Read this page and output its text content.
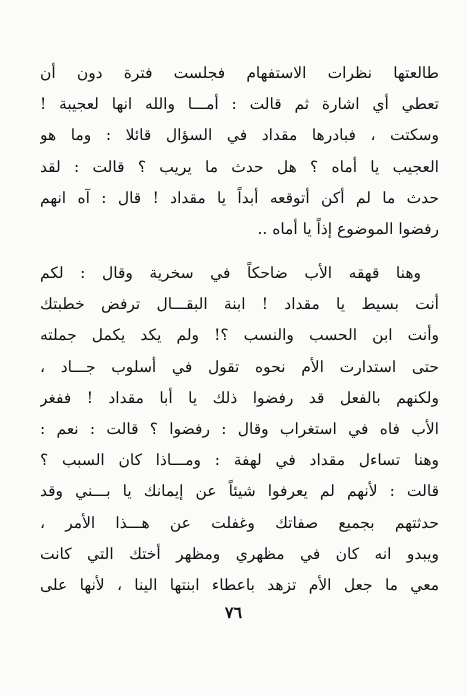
طالعتها نظرات الاستفهام فجلست فترة دون أن
تعطي أي اشارة ثم قالت : أمـــا والله انها لعجيبة !
وسكتت ، فبادرها مقداد في السؤال قائلا : وما هو
العجيب يا أماه ؟ هل حدث ما يريب ؟ قالت : لقد
حدث ما لم أكن أتوقعه أبداً يا مقداد ! قال : آه انهم
رفضوا الموضوع إذاً يا أماه ..
وهنا قهقه الأب ضاحكاً في سخرية وقال : لكم
أنت بسيط يا مقداد ! ابنة البقـــال ترفض خطبتك
وأنت ابن الحسب والنسب ؟! ولم يكد يكمل جملته
حتى استدارت الأم نحوه تقول في أسلوب جـــاد ،
ولكنهم بالفعل قد رفضوا ذلك يا أبا مقداد ! ففغر
الأب فاه في استغراب وقال : رفضوا ؟ قالت : نعم :
وهنا تساءل مقداد في لهفة : ومـــاذا كان السبب ؟
قالت : لأنهم لم يعرفوا شيئاً عن إيمانك يا بـــني وقد
حدثتهم بجميع صفاتك وغفلت عن هـــذا الأمر ،
ويبدو انه كان في مظهري ومظهر أختك التي كانت
معي ما جعل الأم تزهد باعطاء ابنتها الينا ، لأنها على
٧٦
